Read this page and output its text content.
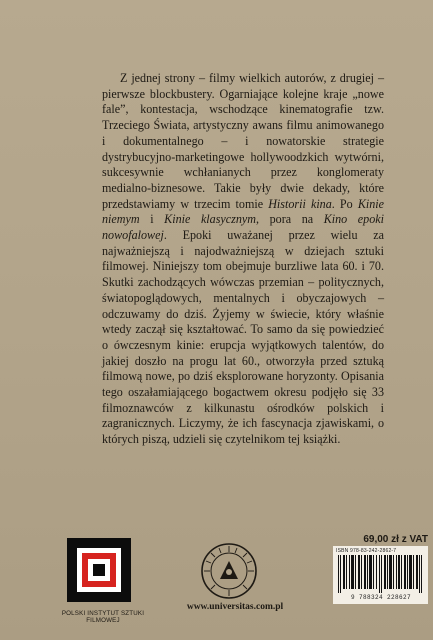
Z jednej strony – filmy wielkich autorów, z drugiej – pierwsze blockbustery. Ogarniające kolejne kraje „nowe fale”, kontestacja, wschodzące kinematografie tzw. Trzeciego Świata, artystyczny awans filmu animowanego i dokumentalnego – i nowatorskie strategie dystrybucyjno-marketingowe hollywoodzkich wytwórni, sukcesywnie wchłanianych przez konglomeraty medialno-biznesowe. Takie były dwie dekady, które przedstawiamy w trzecim tomie Historii kina. Po Kinie niemym i Kinie klasycznym, pora na Kino epoki nowofalowej. Epoki uważanej przez wielu za najważniejszą i najodważniejszą w dziejach sztuki filmowej. Niniejszy tom obejmuje burzliwe lata 60. i 70. Skutki zachodzących wówczas przemian – politycznych, światopoglądowych, mentalnych i obyczajowych – odczuwamy do dziś. Żyjemy w świecie, który właśnie wtedy zaczął się kształtować. To samo da się powiedzieć o ówczesnym kinie: erupcja wyjątkowych talentów, do jakiej doszło na progu lat 60., otworzyła przed sztuką filmową nowe, po dziś eksplorowane horyzonty. Opisania tego oszałamiającego bogactwem okresu podjęło się 33 filmoznawców z kilkunastu ośrodków polskich i zagranicznych. Liczymy, że ich fascynacja zjawiskami, o których piszą, udzieli się czytelnikom tej książki.

POLSKI INSTYTUT SZTUKI FILMOWEJ
www.universitas.com.pl
69,00 zł z VAT
ISBN 978-83-242-2862-7
9 788324 228627
